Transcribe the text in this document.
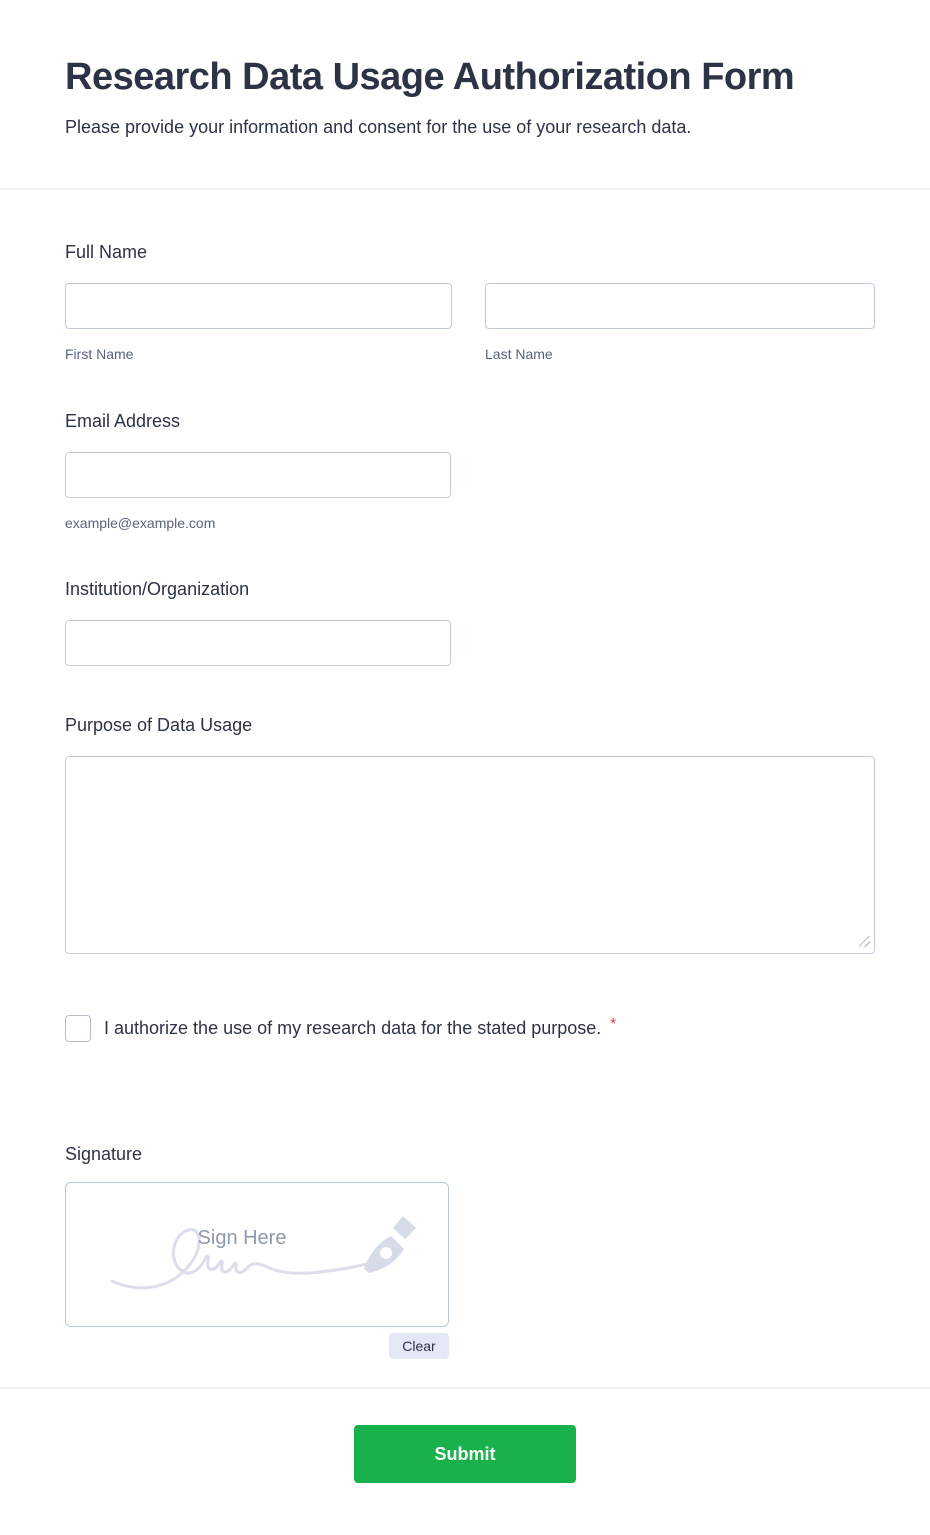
Research Data Usage Authorization Form

Please provide your information and consent for the use of your research data.

Full Name
First Name	Last Name
Email Address
example@example.com
Institution/Organization
Purpose of Data Usage
I authorize the use of my research data for the stated purpose. *
Signature
Sign Here
Clear
Submit
